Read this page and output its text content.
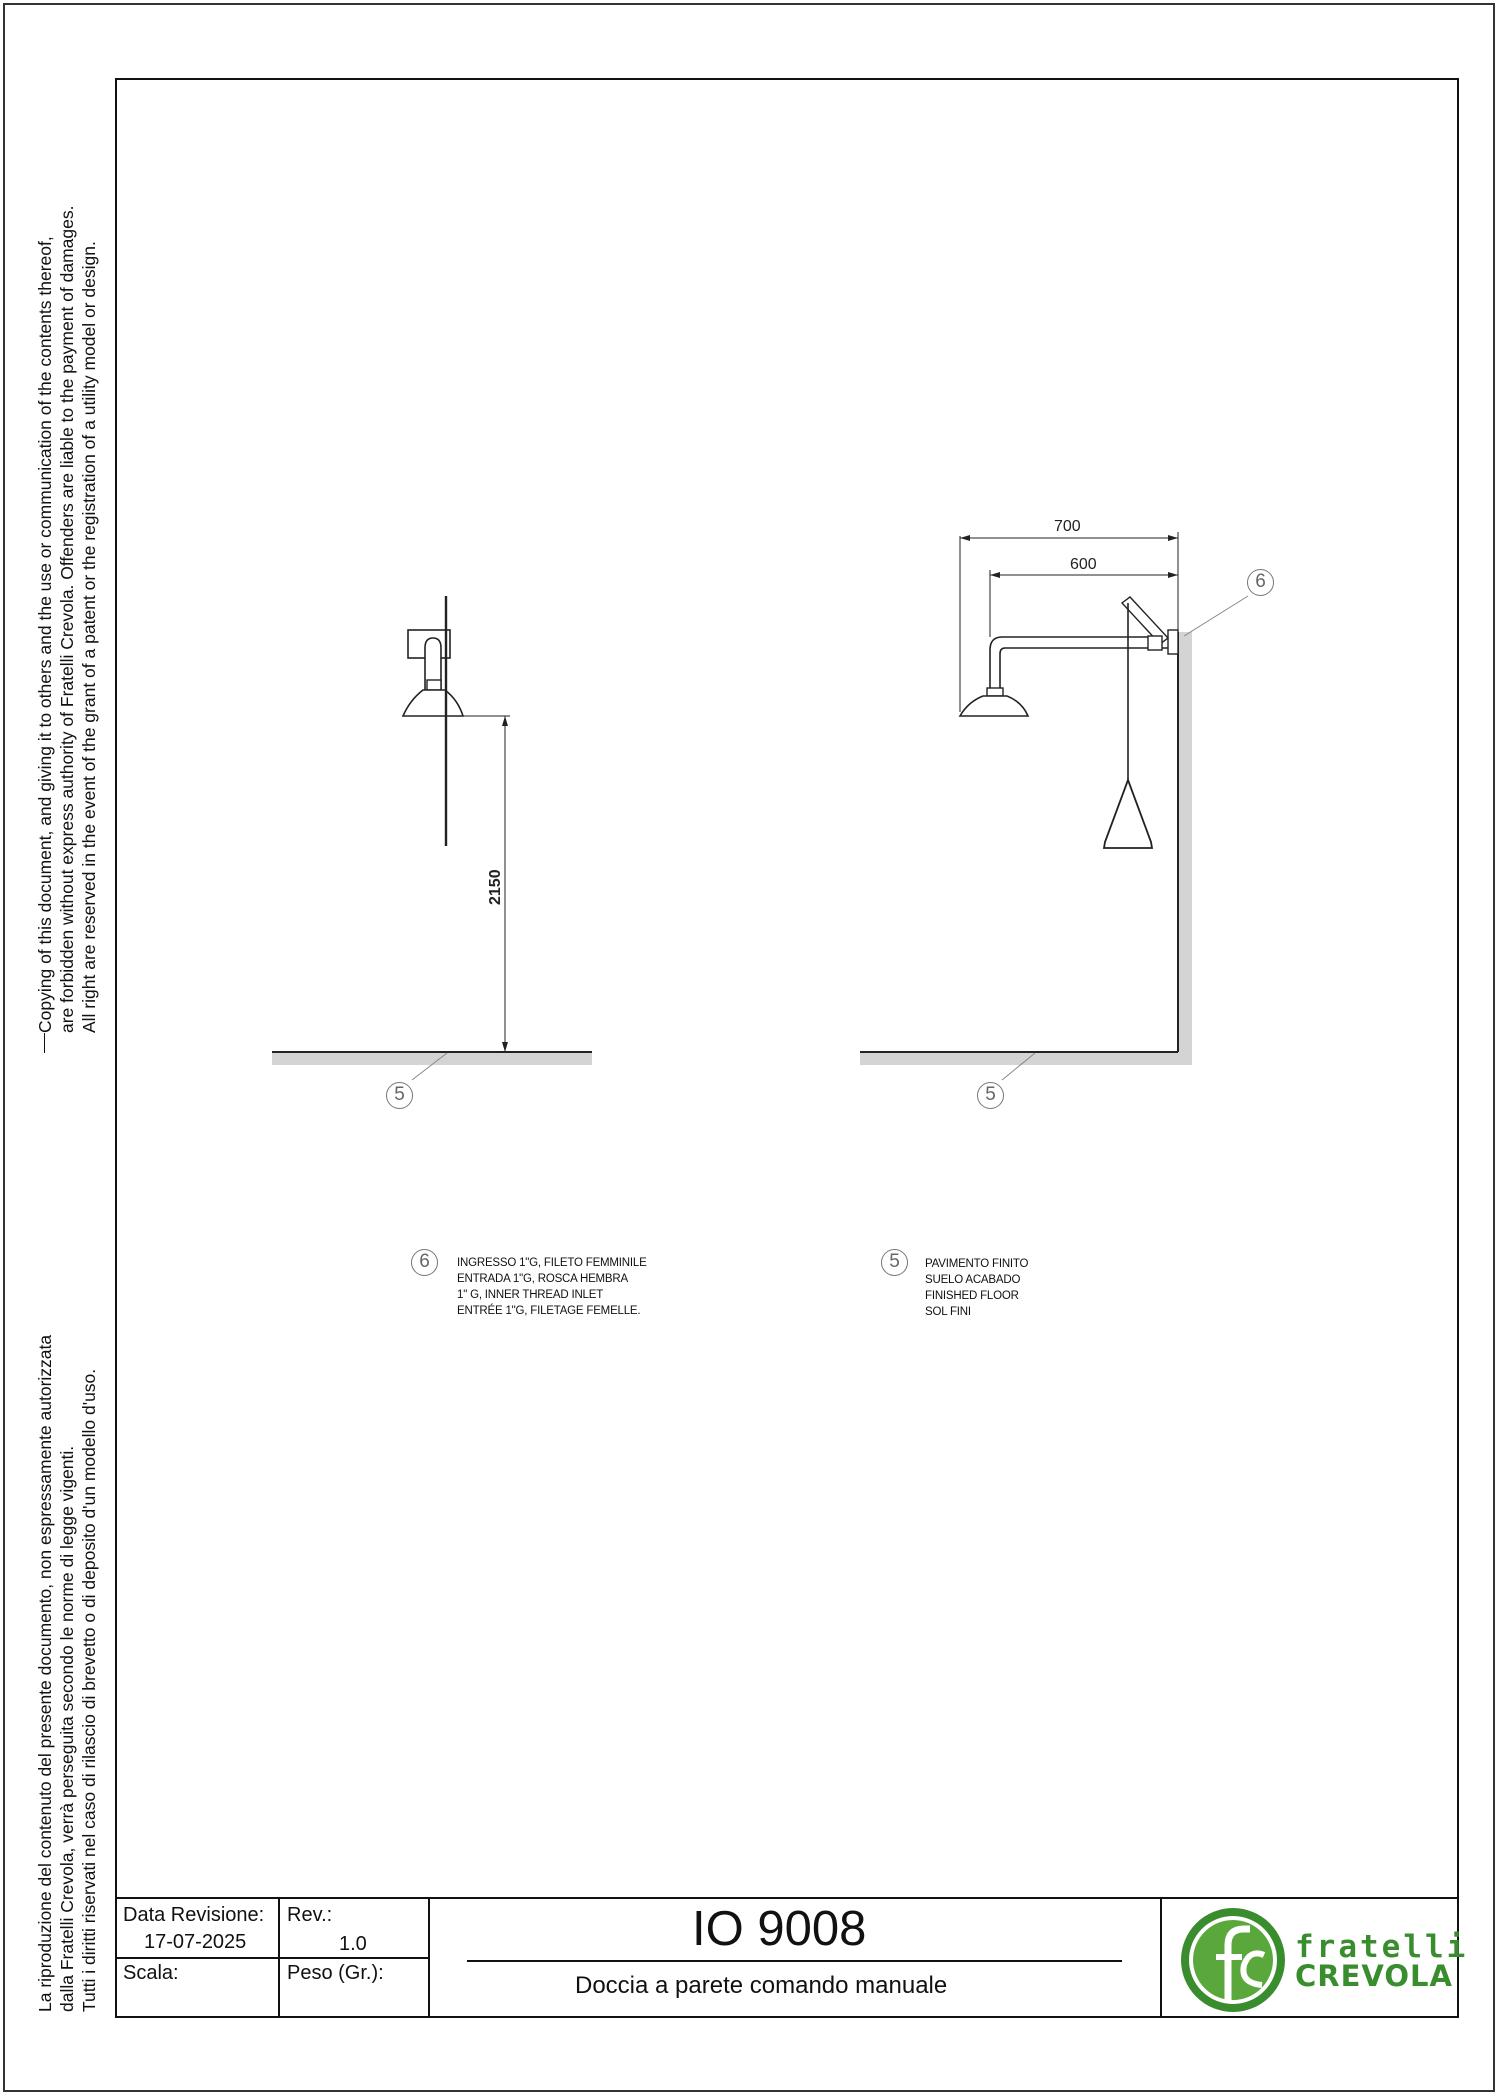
Copying of this document, and giving it to others and the use or communication of the contents thereof, are forbidden without express authority of Fratelli Crevola. Offenders are liable to the payment of damages. All right are reserved in the event of the grant of a patent or the registration of a utility model or design.
La riproduzione del contenuto del presente documento, non espressamente autorizzata dalla Fratelli Crevola, verrà perseguita secondo le norme di legge vigenti. Tutti i diritti riservati nel caso di rilascio di brevetto o di deposito d'un modello d'uso.
2150
700
600
5	5
6
6	INGRESSO 1"G, FILETO FEMMINILE
ENTRADA 1"G, ROSCA HEMBRA
1" G, INNER THREAD INLET
ENTRÉE 1"G, FILETAGE FEMELLE.
5	PAVIMENTO FINITO
SUELO ACABADO
FINISHED FLOOR
SOL FINI
Data Revisione:
17-07-2025
Rev.:
1.0
Scala:	Peso (Gr.):
IO 9008
Doccia a parete comando manuale
fratelli
CREVOLA
